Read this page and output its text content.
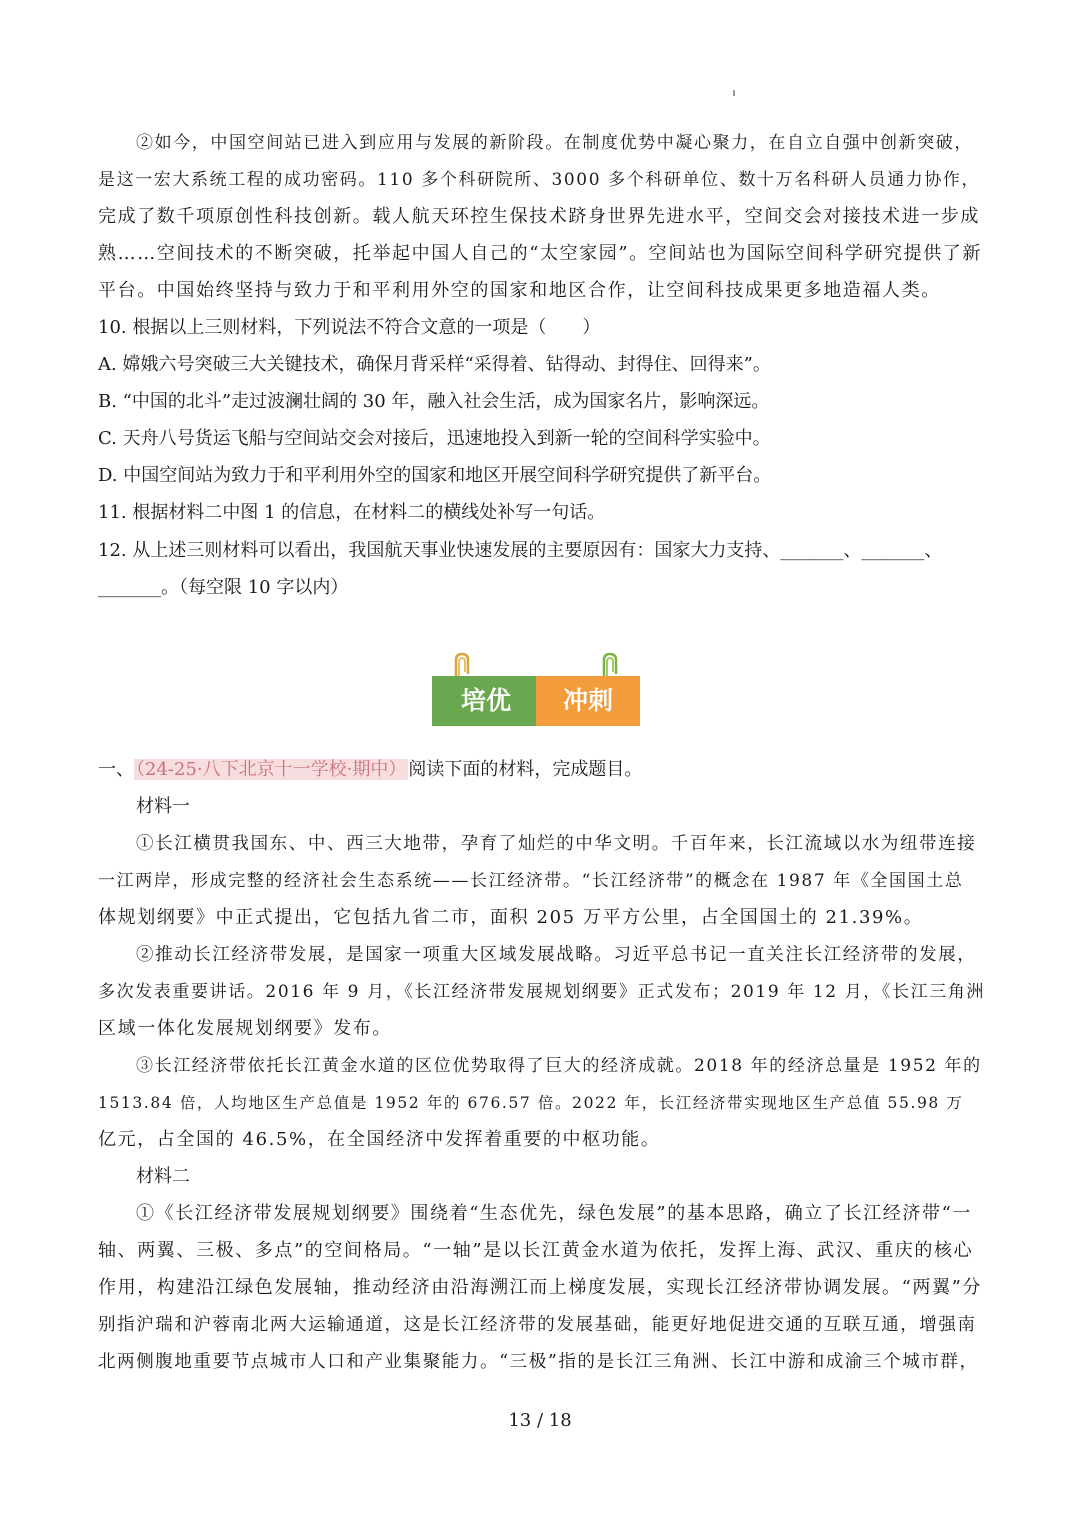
②如今，中国空间站已进入到应用与发展的新阶段。在制度优势中凝心聚力，在自立自强中创新突破，
是这一宏大系统工程的成功密码。110 多个科研院所、3000 多个科研单位、数十万名科研人员通力协作，
完成了数千项原创性科技创新。载人航天环控生保技术跻身世界先进水平，空间交会对接技术进一步成
熟……空间技术的不断突破，托举起中国人自己的“太空家园”。空间站也为国际空间科学研究提供了新
平台。中国始终坚持与致力于和平利用外空的国家和地区合作，让空间科技成果更多地造福人类。
10. 根据以上三则材料，下列说法不符合文意的一项是（　　）
A. 嫦娥六号突破三大关键技术，确保月背采样“采得着、钻得动、封得住、回得来”。
B. “中国的北斗”走过波澜壮阔的 30 年，融入社会生活，成为国家名片，影响深远。
C. 天舟八号货运飞船与空间站交会对接后，迅速地投入到新一轮的空间科学实验中。
D. 中国空间站为致力于和平利用外空的国家和地区开展空间科学研究提供了新平台。
11. 根据材料二中图 1 的信息，在材料二的横线处补写一句话。
12. 从上述三则材料可以看出，我国航天事业快速发展的主要原因有：国家大力支持、_______、_______、
_______。（每空限 10 字以内）
培优	冲刺
一、 （24-25·八下北京十一学校·期中） 阅读下面的材料，完成题目。
材料一
①长江横贯我国东、中、西三大地带，孕育了灿烂的中华文明。千百年来，长江流域以水为纽带连接
一江两岸，形成完整的经济社会生态系统——长江经济带。“长江经济带”的概念在 1987 年《全国国土总
体规划纲要》中正式提出，它包括九省二市，面积 205 万平方公里，占全国国土的 21.39%。
②推动长江经济带发展，是国家一项重大区域发展战略。习近平总书记一直关注长江经济带的发展，
多次发表重要讲话。2016 年 9 月，《长江经济带发展规划纲要》正式发布；2019 年 12 月，《长江三角洲
区域一体化发展规划纲要》发布。
③长江经济带依托长江黄金水道的区位优势取得了巨大的经济成就。2018 年的经济总量是 1952 年的
1513.84 倍，人均地区生产总值是 1952 年的 676.57 倍。2022 年，长江经济带实现地区生产总值 55.98 万
亿元，占全国的 46.5%，在全国经济中发挥着重要的中枢功能。
材料二
①《长江经济带发展规划纲要》围绕着“生态优先，绿色发展”的基本思路，确立了长江经济带“一
轴、两翼、三极、多点”的空间格局。“一轴”是以长江黄金水道为依托，发挥上海、武汉、重庆的核心
作用，构建沿江绿色发展轴，推动经济由沿海溯江而上梯度发展，实现长江经济带协调发展。“两翼”分
别指沪瑞和沪蓉南北两大运输通道，这是长江经济带的发展基础，能更好地促进交通的互联互通，增强南
北两侧腹地重要节点城市人口和产业集聚能力。“三极”指的是长江三角洲、长江中游和成渝三个城市群，
13 / 18
